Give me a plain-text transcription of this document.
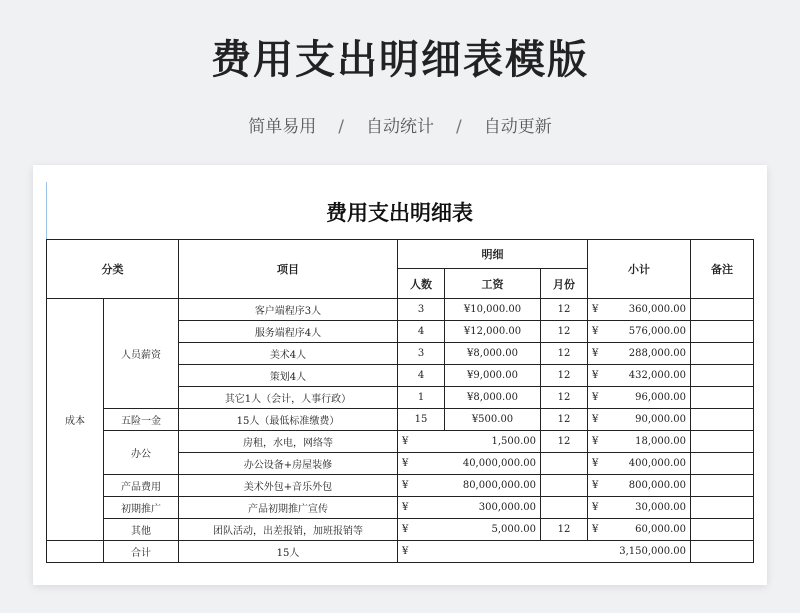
费用支出明细表模版
简单易用 / 自动统计 / 自动更新
费用支出明细表
分类		项目	明细			小计	备注
			人数	工资	月份		
成本	人员薪资	客户端程序3人	3	¥10,000.00	12	¥ 360,000.00	

		服务端程序4人	4	¥12,000.00	12	¥ 576,000.00	

		美术4人	3	¥8,000.00	12	¥ 288,000.00	

		策划4人	4	¥9,000.00	12	¥ 432,000.00	

		其它1人（会计，人事行政）	1	¥8,000.00	12	¥ 96,000.00	

	五险一金	15人（最低标准缴费）	15	¥500.00	12	¥ 90,000.00	

	办公	房租，水电，网络等	¥ 1,500.00		12	¥ 18,000.00	

		办公设备+房屋装修	¥ 40,000,000.00			¥ 400,000.00	

	产品费用	美术外包+音乐外包	¥ 80,000,000.00			¥ 800,000.00	

	初期推广	产品初期推广宣传	¥ 300,000.00			¥ 30,000.00	

	其他	团队活动，出差报销，加班报销等	¥ 5,000.00		12	¥ 60,000.00	

	合计	15人	¥ 3,150,000.00				
